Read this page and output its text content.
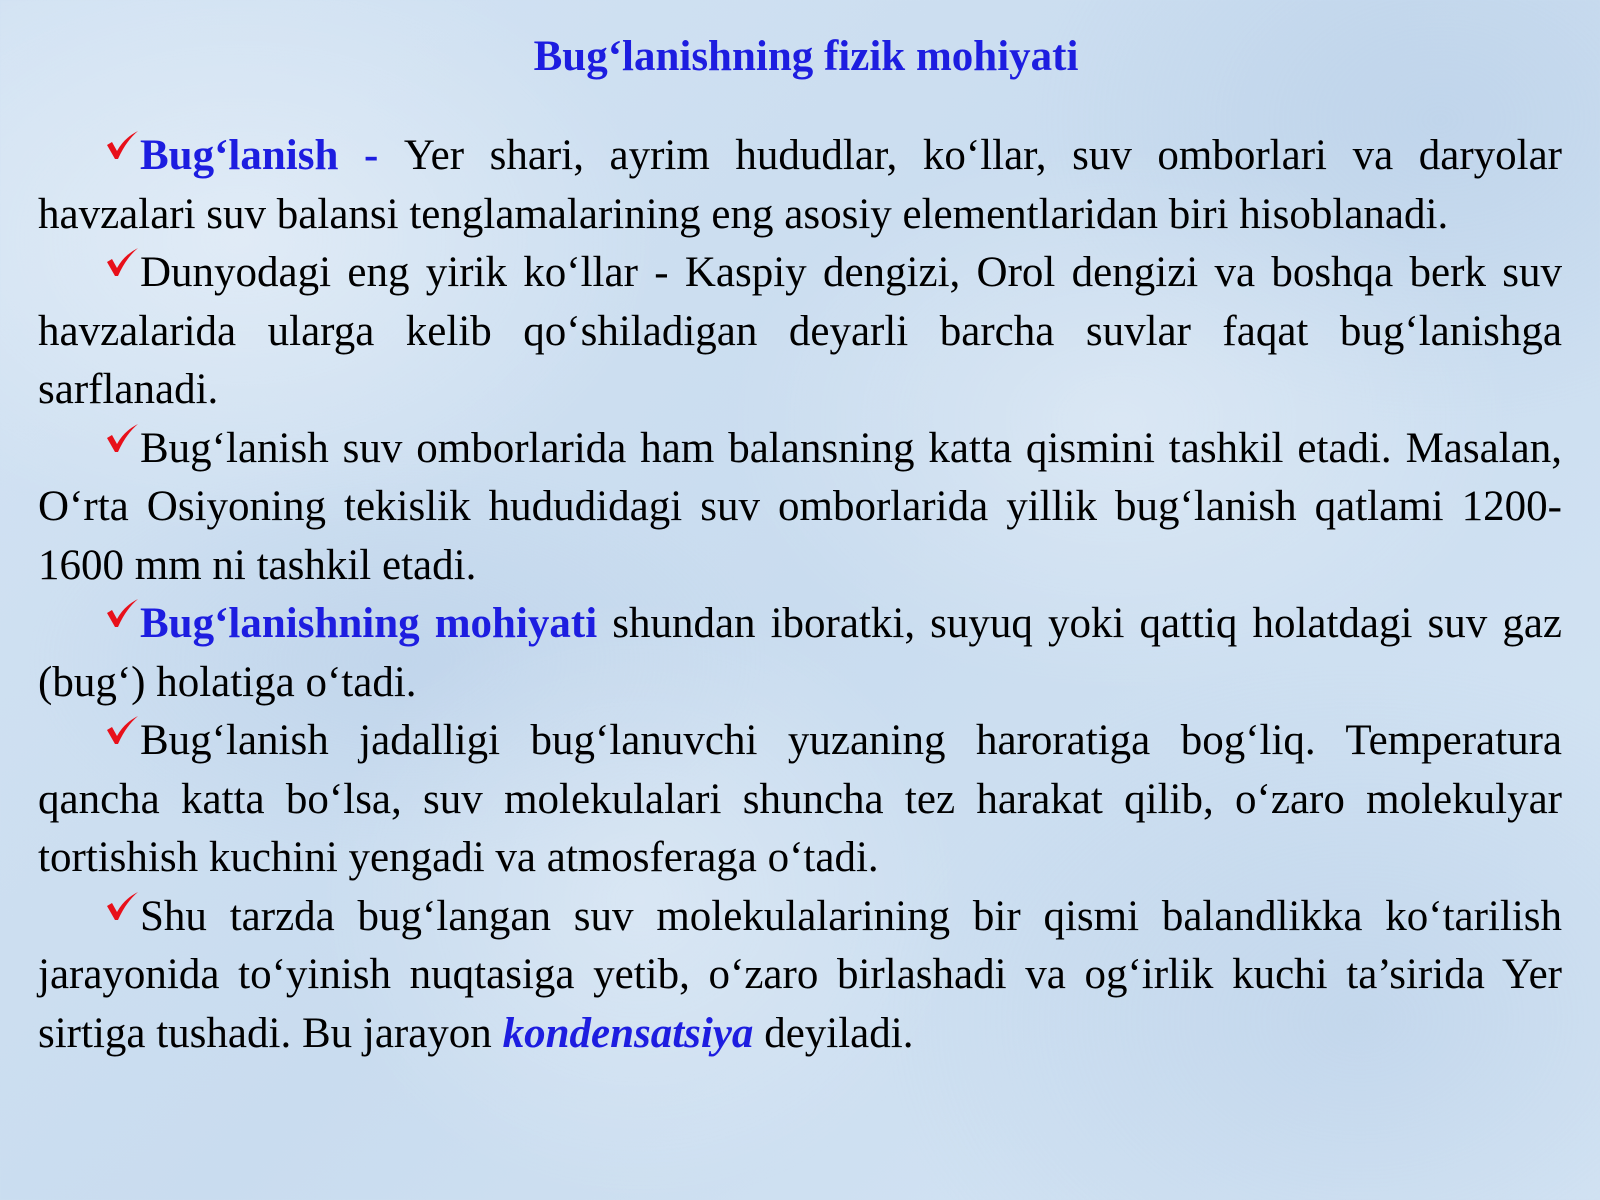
Bug‘lanishning fizik mohiyati

Bug‘lanish - Yer shari, ayrim hududlar, ko‘llar, suv omborlari va daryolar havzalari suv balansi tenglamalarining eng asosiy elementlaridan biri hisoblanadi.

Dunyodagi eng yirik ko‘llar - Kaspiy dengizi, Orol dengizi va boshqa berk suv havzalarida ularga kelib qo‘shiladigan deyarli barcha suvlar faqat bug‘lanishga sarflanadi.

Bug‘lanish suv omborlarida ham balansning katta qismini tashkil etadi. Masalan, O‘rta Osiyoning tekislik hududidagi suv omborlarida yillik bug‘lanish qatlami 1200-1600 mm ni tashkil etadi.

Bug‘lanishning mohiyati shundan iboratki, suyuq yoki qattiq holatdagi suv gaz (bug‘) holatiga o‘tadi.

Bug‘lanish jadalligi bug‘lanuvchi yuzaning haroratiga bog‘liq. Temperatura qancha katta bo‘lsa, suv molekulalari shuncha tez harakat qilib, o‘zaro molekulyar tortishish kuchini yengadi va atmosferaga o‘tadi.

Shu tarzda bug‘langan suv molekulalarining bir qismi balandlikka ko‘tarilish jarayonida to‘yinish nuqtasiga yetib, o‘zaro birlashadi va og‘irlik kuchi ta’sirida Yer sirtiga tushadi. Bu jarayon kondensatsiya deyiladi.
